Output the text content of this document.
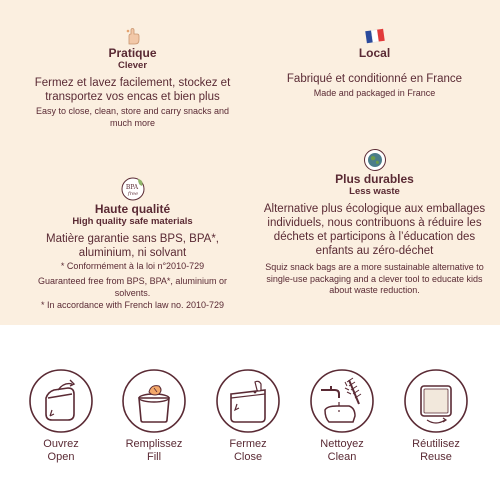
Pratique
Clever
Fermez et lavez facilement, stockez et transportez vos encas et bien plus
Easy to close, clean, store and carry snacks and much more
Local
Fabriqué et conditionné en France
Made and packaged in France
BPA
free
Haute qualité
High quality safe materials
Matière garantie sans BPS, BPA*, aluminium, ni solvant
* Conformément à la loi n°2010-729
Guaranteed free from BPS, BPA*, aluminium or solvents.
* In accordance with French law no. 2010-729
Plus durables
Less waste
Alternative plus écologique aux emballages individuels, nous contribuons à réduire les déchets et participons à l’éducation des enfants au zéro-déchet
Squiz snack bags are a more sustainable alternative to single-use packaging and a clever tool to educate kids about waste reduction.
Ouvrez
Open
Remplissez
Fill
Fermez
Close
Nettoyez
Clean
Réutilisez
Reuse
